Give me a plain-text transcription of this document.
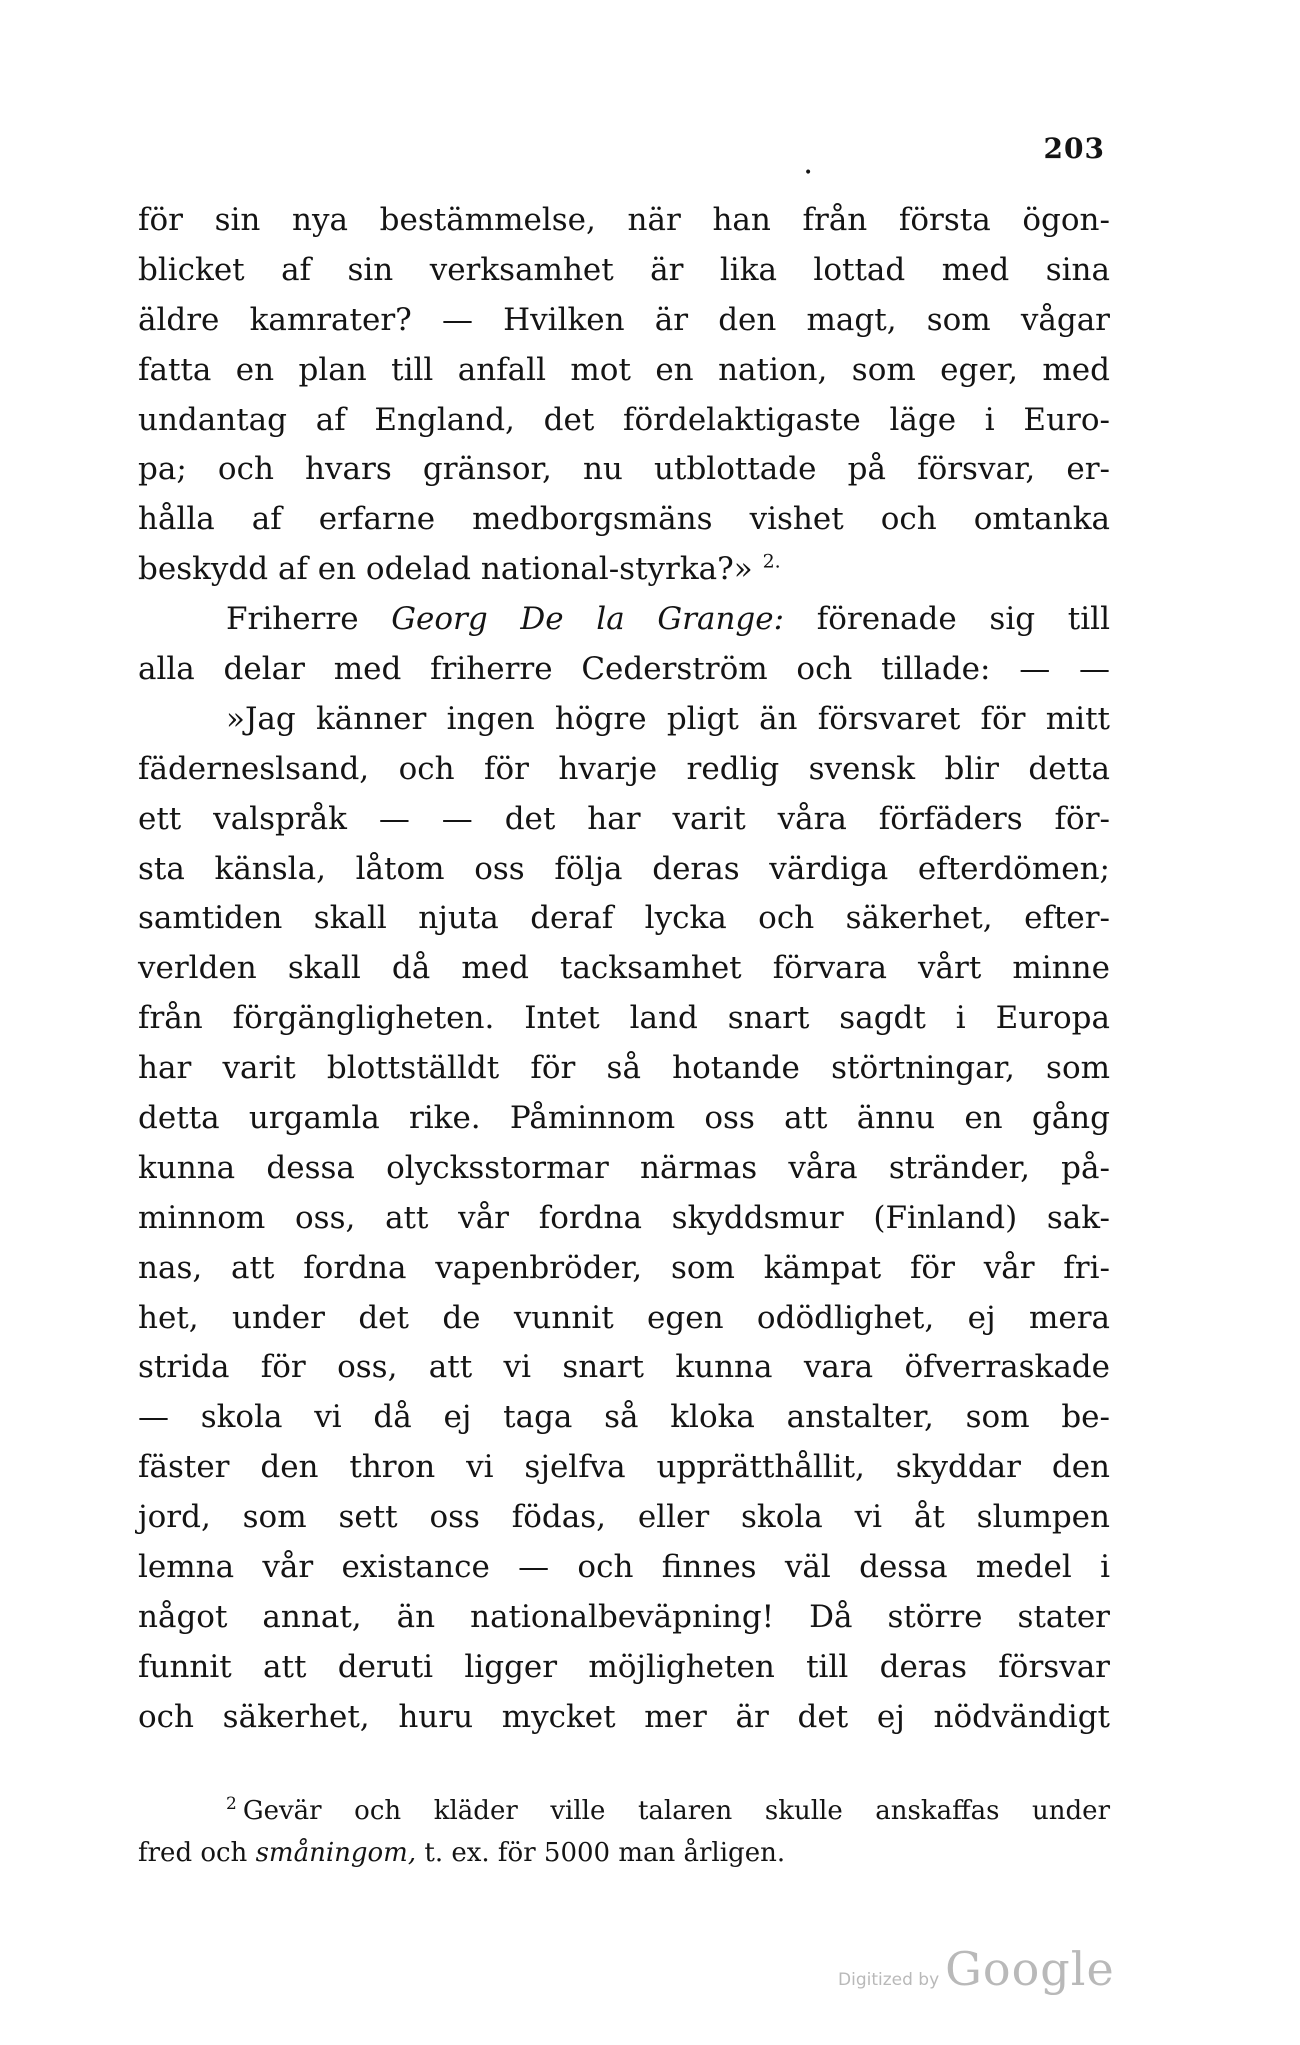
203
•
för sin nya bestämmelse, när han från första ögon-
blicket af sin verksamhet är lika lottad med sina
äldre kamrater? — Hvilken är den magt, som vågar
fatta en plan till anfall mot en nation, som eger, med
undantag af England, det fördelaktigaste läge i Euro-
pa; och hvars gränsor, nu utblottade på försvar, er-
hålla af erfarne medborgsmäns vishet och omtanka
beskydd af en odelad national-styrka?» $^{2.}$
Friherre Georg De la Grange: förenade sig till
alla delar med friherre Cederström och tillade: — —
»Jag känner ingen högre pligt än försvaret för mitt
fäderneslsand, och för hvarje redlig svensk blir detta
ett valspråk — — det har varit våra förfäders för-
sta känsla, låtom oss följa deras värdiga efterdömen;
samtiden skall njuta deraf lycka och säkerhet, efter-
verlden skall då med tacksamhet förvara vårt minne
från förgängligheten. Intet land snart sagdt i Europa
har varit blottställdt för så hotande störtningar, som
detta urgamla rike. Påminnom oss att ännu en gång
kunna dessa olycksstormar närmas våra stränder, på-
minnom oss, att vår fordna skyddsmur (Finland) sak-
nas, att fordna vapenbröder, som kämpat för vår fri-
het, under det de vunnit egen odödlighet, ej mera
strida för oss, att vi snart kunna vara öfverraskade
— skola vi då ej taga så kloka anstalter, som be-
fäster den thron vi sjelfva upprätthållit, skyddar den
jord, som sett oss födas, eller skola vi åt slumpen
lemna vår existance — och finnes väl dessa medel i
något annat, än nationalbeväpning! Då större stater
funnit att deruti ligger möjligheten till deras försvar
och säkerhet, huru mycket mer är det ej nödvändigt
$^2$ Gevär och kläder ville talaren skulle anskaffas under
fred och småningom, t. ex. för 5000 man årligen.
Digitized by Google
